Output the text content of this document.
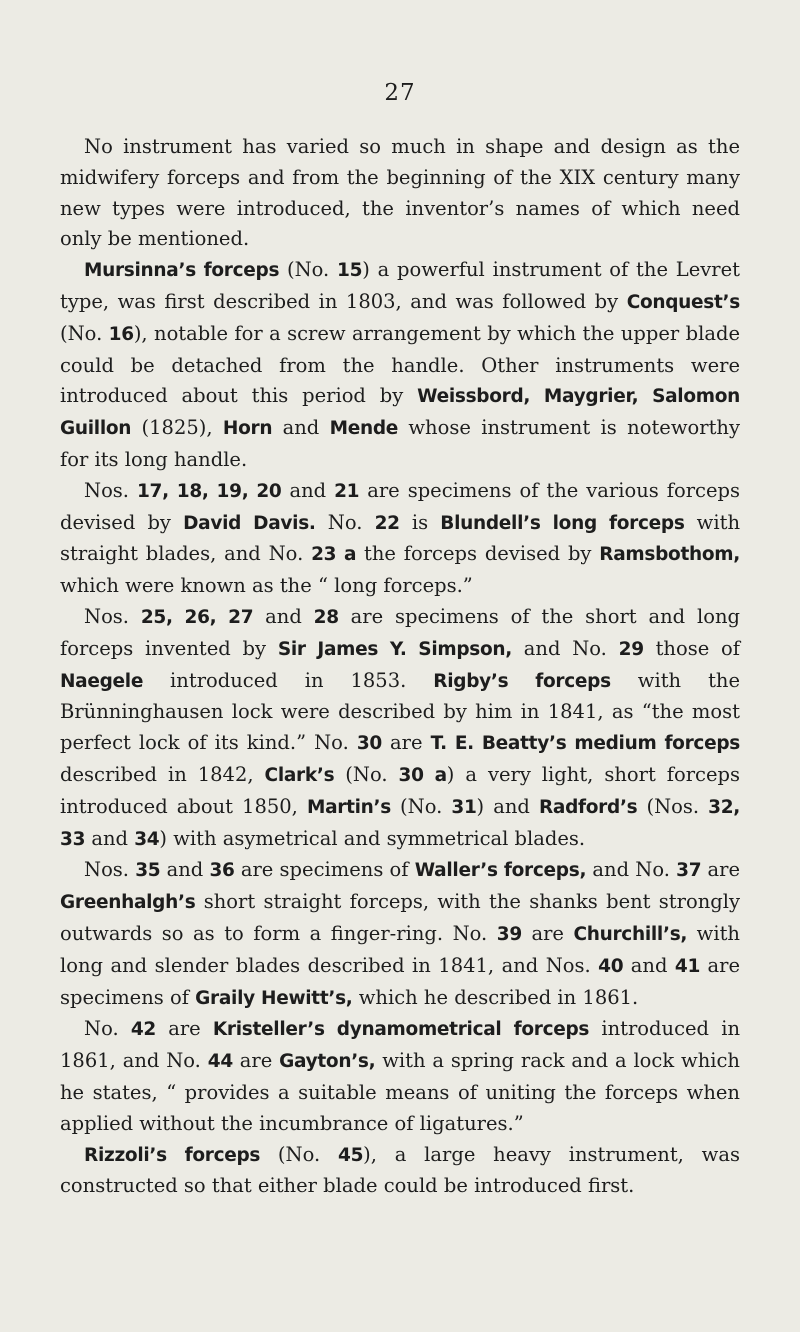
27

No instrument has varied so much in shape and design as the midwifery forceps and from the beginning of the XIX century many new types were introduced, the inventor’s names of which need only be mentioned.

Mursinna’s forceps (No. 15) a powerful instrument of the Levret type, was first described in 1803, and was followed by Conquest’s (No. 16), notable for a screw arrangement by which the upper blade could be detached from the handle. Other instruments were introduced about this period by Weissbord, Maygrier, Salomon Guillon (1825), Horn and Mende whose instrument is noteworthy for its long handle.

Nos. 17, 18, 19, 20 and 21 are specimens of the various forceps devised by David Davis. No. 22 is Blundell’s long forceps with straight blades, and No. 23 a the forceps devised by Ramsbothom, which were known as the “ long forceps.”

Nos. 25, 26, 27 and 28 are specimens of the short and long forceps invented by Sir James Y. Simpson, and No. 29 those of Naegele introduced in 1853. Rigby’s forceps with the Brünninghausen lock were described by him in 1841, as “the most perfect lock of its kind.” No. 30 are T. E. Beatty’s medium forceps described in 1842, Clark’s (No. 30 a) a very light, short forceps introduced about 1850, Martin’s (No. 31) and Radford’s (Nos. 32, 33 and 34) with asymetrical and symmetrical blades.

Nos. 35 and 36 are specimens of Waller’s forceps, and No. 37 are Greenhalgh’s short straight forceps, with the shanks bent strongly outwards so as to form a finger-ring. No. 39 are Churchill’s, with long and slender blades described in 1841, and Nos. 40 and 41 are specimens of Graily Hewitt’s, which he described in 1861.

No. 42 are Kristeller’s dynamometrical forceps introduced in 1861, and No. 44 are Gayton’s, with a spring rack and a lock which he states, “ provides a suitable means of uniting the forceps when applied without the incumbrance of ligatures.”

Rizzoli’s forceps (No. 45), a large heavy instrument, was constructed so that either blade could be introduced first.
